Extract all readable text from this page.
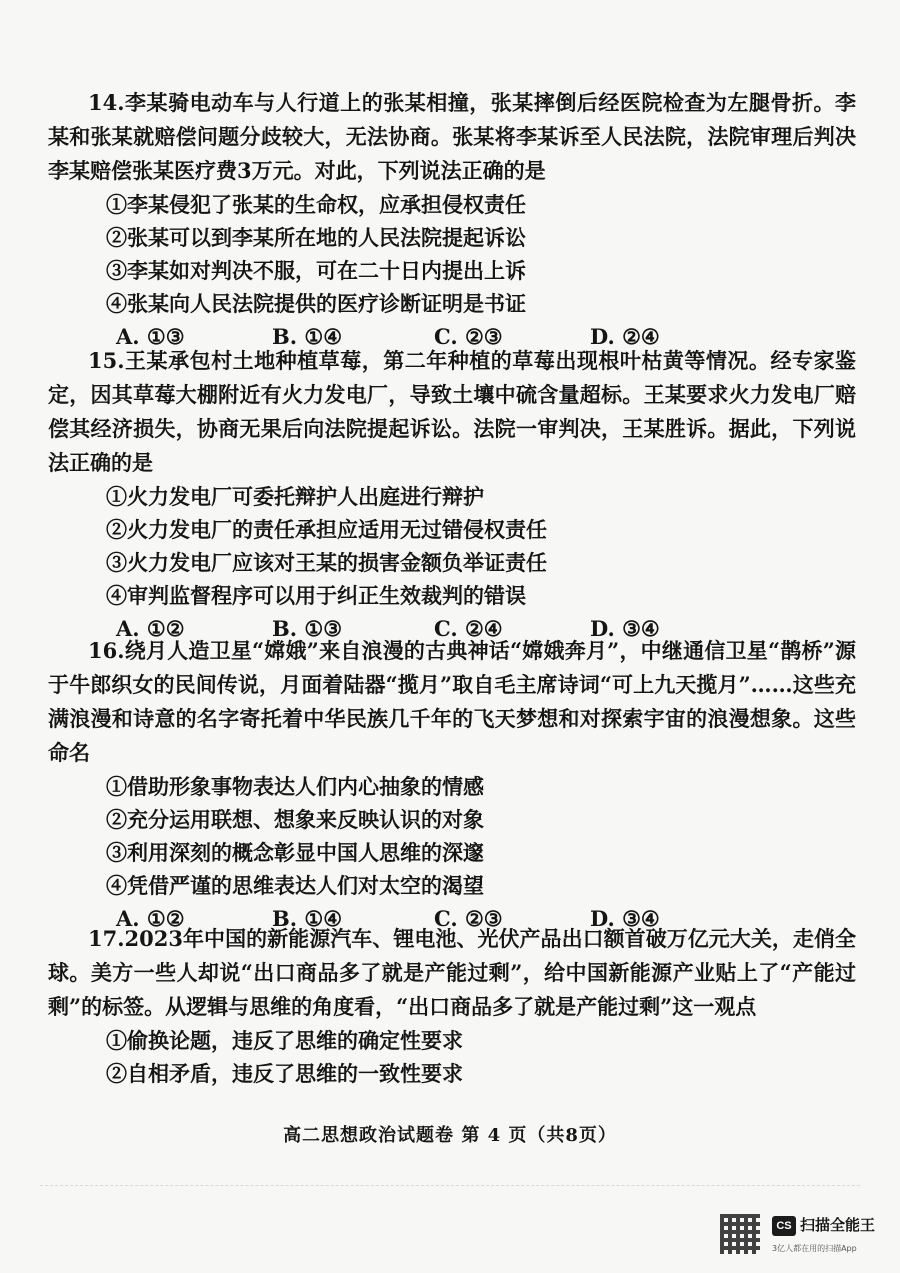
14.李某骑电动车与人行道上的张某相撞，张某摔倒后经医院检查为左腿骨折。李某和张某就赔偿问题分歧较大，无法协商。张某将李某诉至人民法院，法院审理后判决李某赔偿张某医疗费3万元。对此，下列说法正确的是

①李某侵犯了张某的生命权，应承担侵权责任
②张某可以到李某所在地的人民法院提起诉讼
③李某如对判决不服，可在二十日内提出上诉
④张某向人民法院提供的医疗诊断证明是书证
A. ①③	B. ①④	C. ②③	D. ②④

15.王某承包村土地种植草莓，第二年种植的草莓出现根叶枯黄等情况。经专家鉴定，因其草莓大棚附近有火力发电厂，导致土壤中硫含量超标。王某要求火力发电厂赔偿其经济损失，协商无果后向法院提起诉讼。法院一审判决，王某胜诉。据此，下列说法正确的是

①火力发电厂可委托辩护人出庭进行辩护
②火力发电厂的责任承担应适用无过错侵权责任
③火力发电厂应该对王某的损害金额负举证责任
④审判监督程序可以用于纠正生效裁判的错误
A. ①②	B. ①③	C. ②④	D. ③④

16.绕月人造卫星“嫦娥”来自浪漫的古典神话“嫦娥奔月”，中继通信卫星“鹊桥”源于牛郎织女的民间传说，月面着陆器“揽月”取自毛主席诗词“可上九天揽月”……这些充满浪漫和诗意的名字寄托着中华民族几千年的飞天梦想和对探索宇宙的浪漫想象。这些命名

①借助形象事物表达人们内心抽象的情感
②充分运用联想、想象来反映认识的对象
③利用深刻的概念彰显中国人思维的深邃
④凭借严谨的思维表达人们对太空的渴望
A. ①②	B. ①④	C. ②③	D. ③④

17.2023年中国的新能源汽车、锂电池、光伏产品出口额首破万亿元大关，走俏全球。美方一些人却说“出口商品多了就是产能过剩”，给中国新能源产业贴上了“产能过剩”的标签。从逻辑与思维的角度看，“出口商品多了就是产能过剩”这一观点

①偷换论题，违反了思维的确定性要求
②自相矛盾，违反了思维的一致性要求
高二思想政治试题卷 第 4 页（共8页）
CS 扫描全能王
3亿人都在用的扫描App
